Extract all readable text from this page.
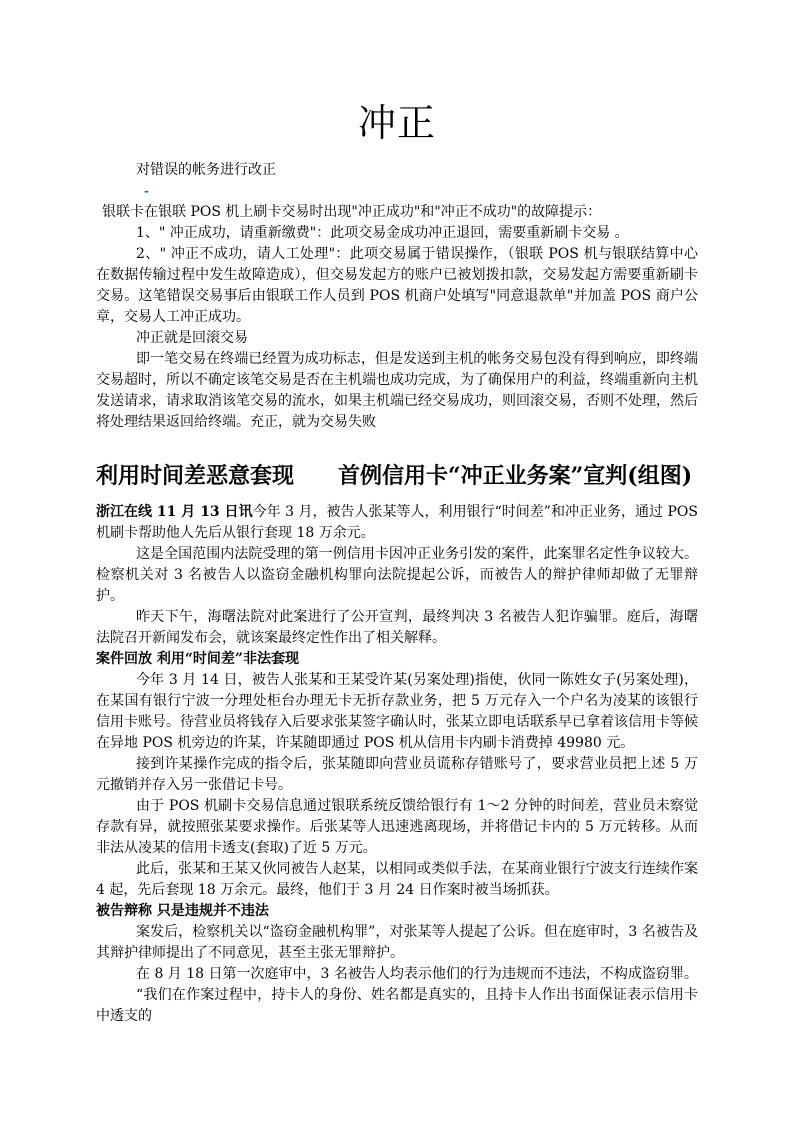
冲正

对错误的帐务进行改正

-

银联卡在银联 POS 机上刷卡交易时出现"冲正成功"和"冲正不成功"的故障提示：

1、" 冲正成功，请重新缴费"：此项交易金成功冲正退回，需要重新刷卡交易 。

2、" 冲正不成功，请人工处理"：此项交易属于错误操作，（银联 POS 机与银联结算中心在数据传输过程中发生故障造成），但交易发起方的账户已被划拨扣款，交易发起方需要重新刷卡交易。这笔错误交易事后由银联工作人员到 POS 机商户处填写"同意退款单"并加盖 POS 商户公章，交易人工冲正成功。

冲正就是回滚交易

即一笔交易在终端已经置为成功标志，但是发送到主机的帐务交易包没有得到响应，即终端交易超时，所以不确定该笔交易是否在主机端也成功完成，为了确保用户的利益，终端重新向主机发送请求，请求取消该笔交易的流水，如果主机端已经交易成功，则回滚交易，否则不处理，然后将处理结果返回给终端。充正，就为交易失败

利用时间差恶意套现　　首例信用卡“冲正业务案”宣判(组图)

浙江在线 11 月 13 日讯今年 3 月，被告人张某等人，利用银行“时间差”和冲正业务，通过 POS 机刷卡帮助他人先后从银行套现 18 万余元。

这是全国范围内法院受理的第一例信用卡因冲正业务引发的案件，此案罪名定性争议较大。检察机关对 3 名被告人以盗窃金融机构罪向法院提起公诉，而被告人的辩护律师却做了无罪辩护。

昨天下午，海曙法院对此案进行了公开宣判，最终判决 3 名被告人犯诈骗罪。庭后，海曙法院召开新闻发布会，就该案最终定性作出了相关解释。

案件回放 利用“时间差”非法套现

今年 3 月 14 日，被告人张某和王某受许某(另案处理)指使，伙同一陈姓女子(另案处理)，在某国有银行宁波一分理处柜台办理无卡无折存款业务，把 5 万元存入一个户名为凌某的该银行信用卡账号。待营业员将钱存入后要求张某签字确认时，张某立即电话联系早已拿着该信用卡等候在异地 POS 机旁边的许某，许某随即通过 POS 机从信用卡内刷卡消费掉 49980 元。

接到许某操作完成的指令后，张某随即向营业员谎称存错账号了，要求营业员把上述 5 万元撤销并存入另一张借记卡号。

由于 POS 机刷卡交易信息通过银联系统反馈给银行有 1～2 分钟的时间差，营业员未察觉存款有异，就按照张某要求操作。后张某等人迅速逃离现场，并将借记卡内的 5 万元转移。从而非法从凌某的信用卡透支(套取)了近 5 万元。

此后，张某和王某又伙同被告人赵某，以相同或类似手法，在某商业银行宁波支行连续作案 4 起，先后套现 18 万余元。最终，他们于 3 月 24 日作案时被当场抓获。

被告辩称 只是违规并不违法

案发后，检察机关以“盗窃金融机构罪”，对张某等人提起了公诉。但在庭审时，3 名被告及其辩护律师提出了不同意见，甚至主张无罪辩护。

在 8 月 18 日第一次庭审中，3 名被告人均表示他们的行为违规而不违法，不构成盗窃罪。

“我们在作案过程中，持卡人的身份、姓名都是真实的，且持卡人作出书面保证表示信用卡中透支的
